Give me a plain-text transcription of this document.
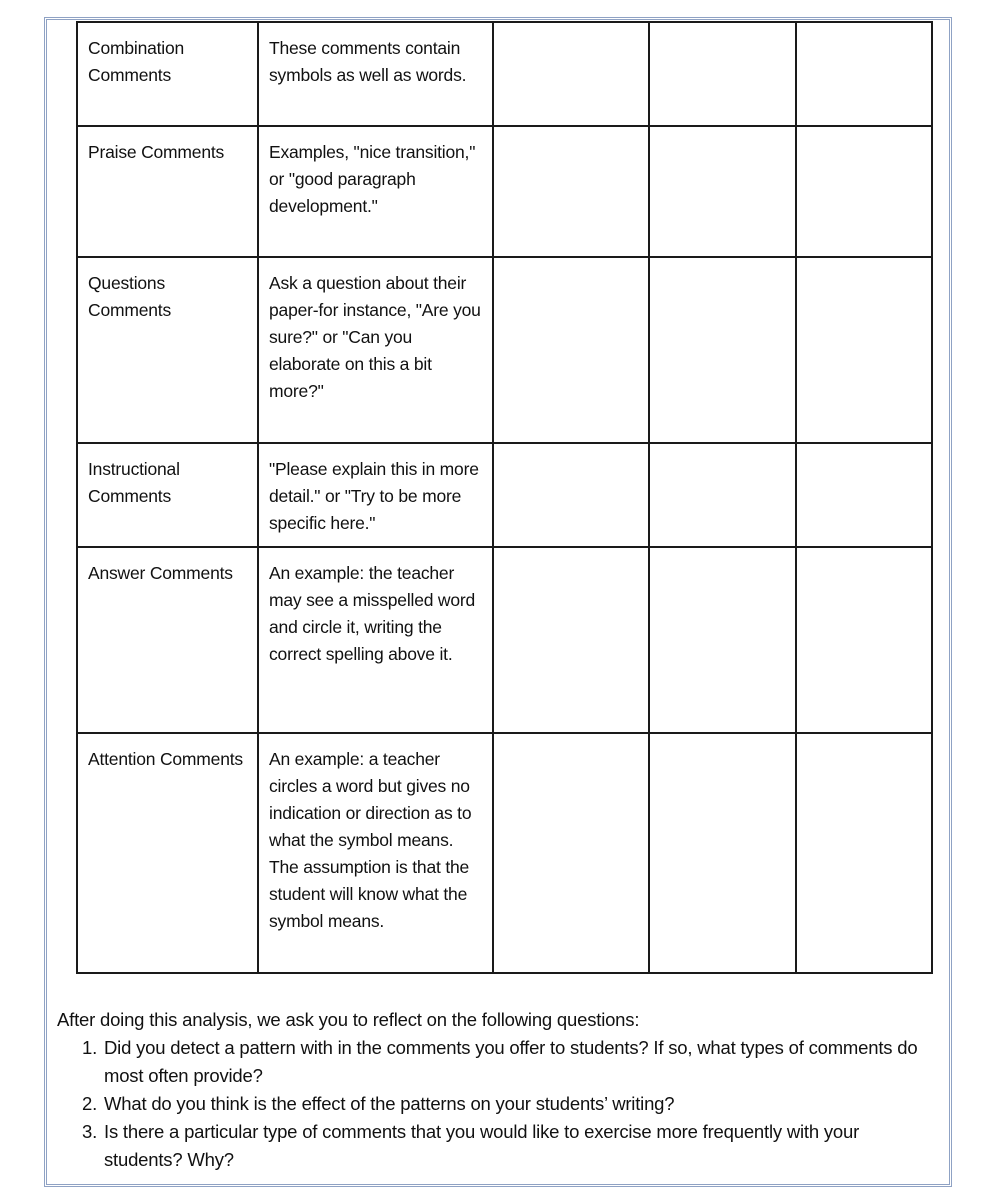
Combination Comments	These comments contain symbols as well as words.			
Praise Comments	Examples, "nice transition," or "good paragraph development."			
Questions Comments	Ask a question about their paper-for instance, "Are you sure?" or "Can you elaborate on this a bit more?"			
Instructional Comments	"Please explain this in more detail." or "Try to be more specific here."			
Answer Comments	An example: the teacher may see a misspelled word and circle it, writing the correct spelling above it.			
Attention Comments	An example: a teacher circles a word but gives no indication or direction as to what the symbol means. The assumption is that the student will know what the symbol means.			
After doing this analysis, we ask you to reflect on the following questions:
1. Did you detect a pattern with in the comments you offer to students? If so, what types of comments do most often provide?
2. What do you think is the effect of the patterns on your students’ writing?
3. Is there a particular type of comments that you would like to exercise more frequently with your students? Why?
